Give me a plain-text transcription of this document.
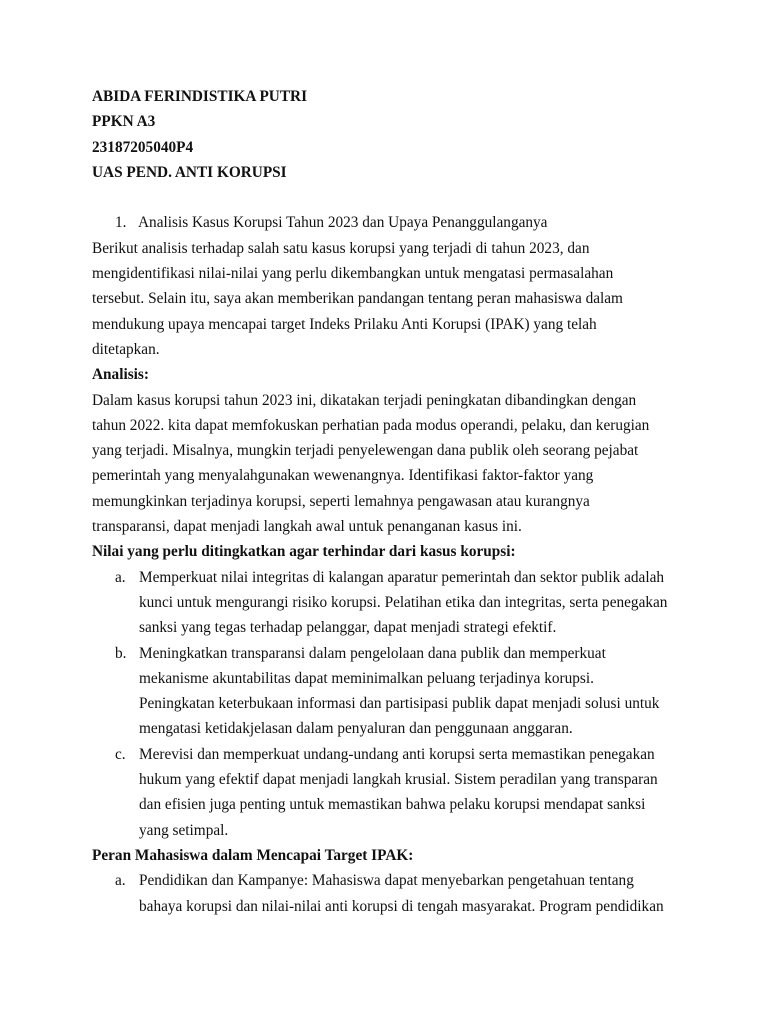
ABIDA FERINDISTIKA PUTRI
PPKN A3
23187205040P4
UAS PEND. ANTI KORUPSI
1. Analisis Kasus Korupsi Tahun 2023 dan Upaya Penanggulanganya
Berikut analisis terhadap salah satu kasus korupsi yang terjadi di tahun 2023, dan
mengidentifikasi nilai-nilai yang perlu dikembangkan untuk mengatasi permasalahan
tersebut. Selain itu, saya akan memberikan pandangan tentang peran mahasiswa dalam
mendukung upaya mencapai target Indeks Prilaku Anti Korupsi (IPAK) yang telah
ditetapkan.
Analisis:
Dalam kasus korupsi tahun 2023 ini, dikatakan terjadi peningkatan dibandingkan dengan
tahun 2022. kita dapat memfokuskan perhatian pada modus operandi, pelaku, dan kerugian
yang terjadi. Misalnya, mungkin terjadi penyelewengan dana publik oleh seorang pejabat
pemerintah yang menyalahgunakan wewenangnya. Identifikasi faktor-faktor yang
memungkinkan terjadinya korupsi, seperti lemahnya pengawasan atau kurangnya
transparansi, dapat menjadi langkah awal untuk penanganan kasus ini.
Nilai yang perlu ditingkatkan agar terhindar dari kasus korupsi:
a. Memperkuat nilai integritas di kalangan aparatur pemerintah dan sektor publik adalah
kunci untuk mengurangi risiko korupsi. Pelatihan etika dan integritas, serta penegakan
sanksi yang tegas terhadap pelanggar, dapat menjadi strategi efektif.
b. Meningkatkan transparansi dalam pengelolaan dana publik dan memperkuat
mekanisme akuntabilitas dapat meminimalkan peluang terjadinya korupsi.
Peningkatan keterbukaan informasi dan partisipasi publik dapat menjadi solusi untuk
mengatasi ketidakjelasan dalam penyaluran dan penggunaan anggaran.
c. Merevisi dan memperkuat undang-undang anti korupsi serta memastikan penegakan
hukum yang efektif dapat menjadi langkah krusial. Sistem peradilan yang transparan
dan efisien juga penting untuk memastikan bahwa pelaku korupsi mendapat sanksi
yang setimpal.
Peran Mahasiswa dalam Mencapai Target IPAK:
a. Pendidikan dan Kampanye: Mahasiswa dapat menyebarkan pengetahuan tentang
bahaya korupsi dan nilai-nilai anti korupsi di tengah masyarakat. Program pendidikan
